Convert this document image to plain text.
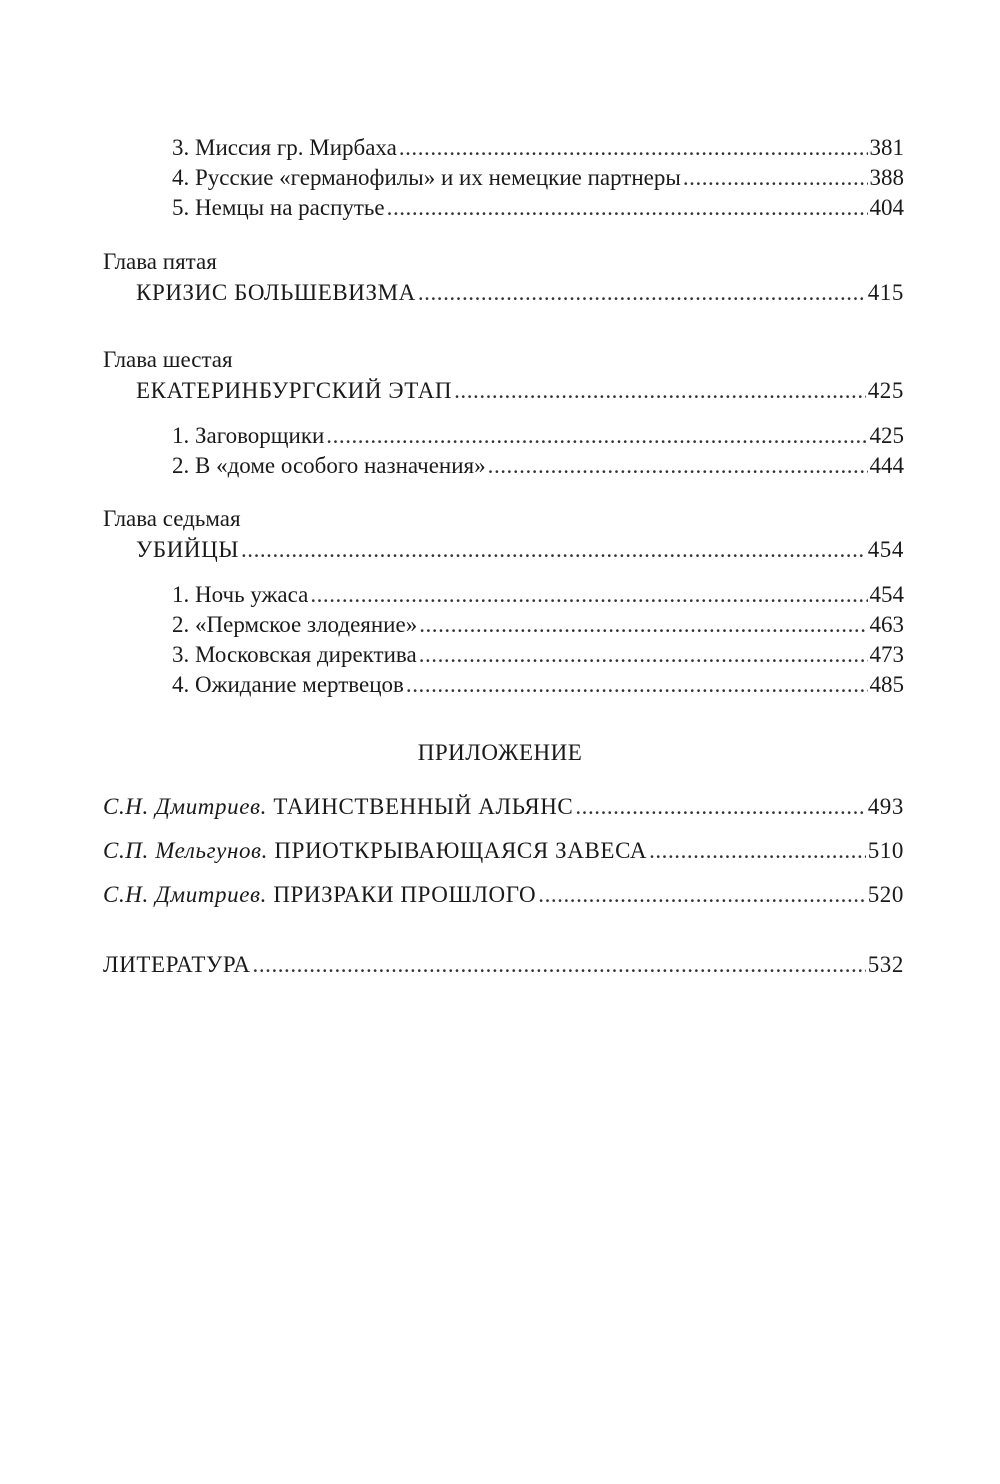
3. Миссия гр. Мирбаха . . .	381
4. Русские «германофилы» и их немецкие партнеры . . .	388
5. Немцы на распутье . . .	404
Глава пятая
КРИЗИС БОЛЬШЕВИЗМА . . .	415
Глава шестая
ЕКАТЕРИНБУРГСКИЙ ЭТАП . . .	425
1. Заговорщики . . .	425
2. В «доме особого назначения» . . .	444
Глава седьмая
УБИЙЦЫ . . .	454
1. Ночь ужаса . . .	454
2. «Пермское злодеяние» . . .	463
3. Московская директива . . .	473
4. Ожидание мертвецов . . .	485
ПРИЛОЖЕНИЕ
С.Н. Дмитриев. ТАИНСТВЕННЫЙ АЛЬЯНС . . .	493
С.П. Мельгунов. ПРИОТКРЫВАЮЩАЯСЯ ЗАВЕСА . . .	510
С.Н. Дмитриев. ПРИЗРАКИ ПРОШЛОГО . . .	520
ЛИТЕРАТУРА . . .	532
